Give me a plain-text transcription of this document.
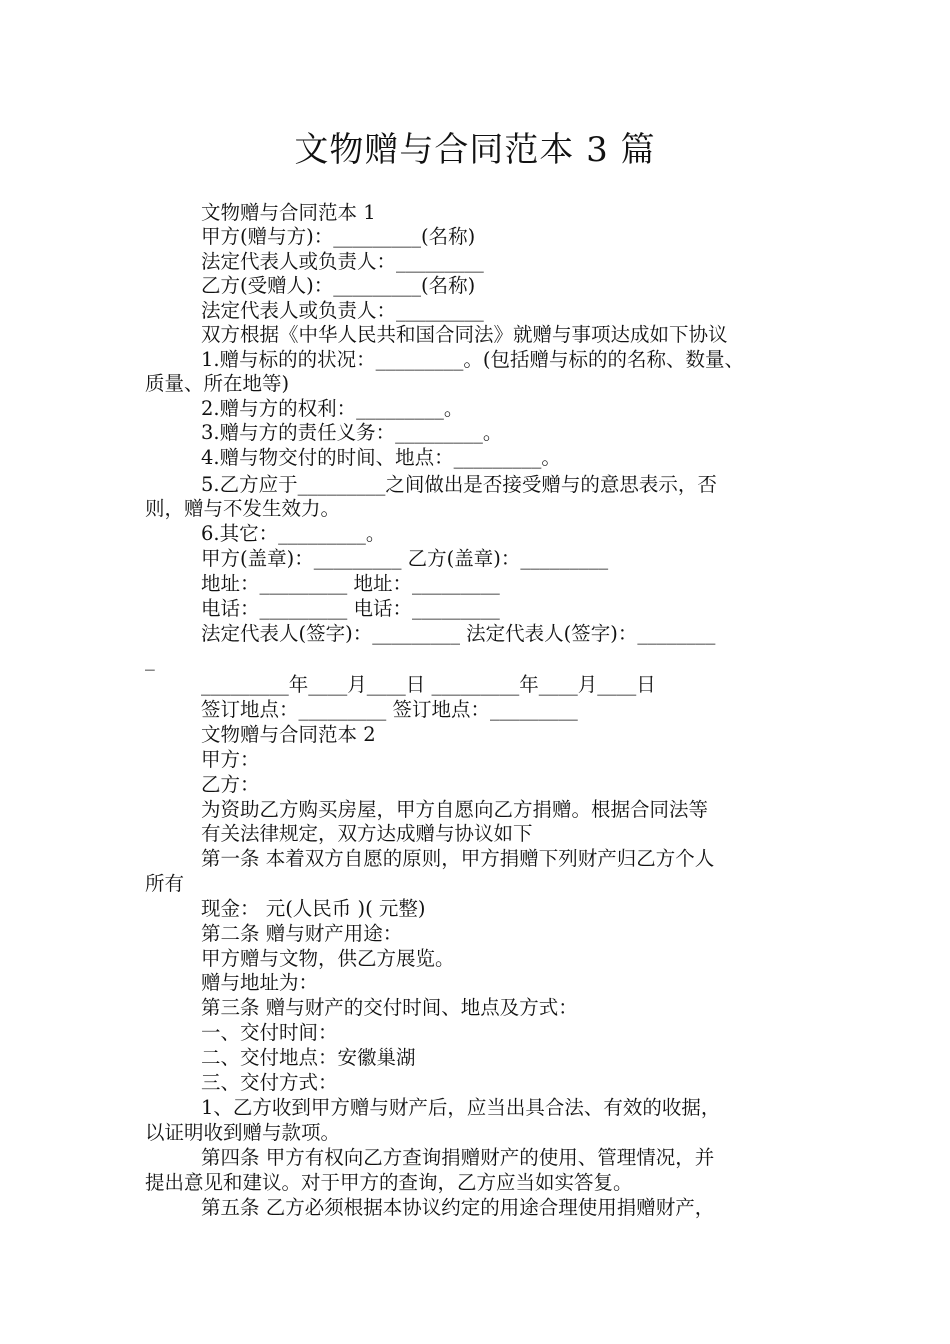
文物赠与合同范本 3 篇
文物赠与合同范本 1
甲方(赠与方)：_________(名称)
法定代表人或负责人：_________
乙方(受赠人)：_________(名称)
法定代表人或负责人：_________
双方根据《中华人民共和国合同法》就赠与事项达成如下协议
1.赠与标的的状况：_________。(包括赠与标的的名称、数量、
质量、所在地等)
2.赠与方的权利：_________。
3.赠与方的责任义务：_________。
4.赠与物交付的时间、地点：_________。
5.乙方应于_________之间做出是否接受赠与的意思表示，否
则，赠与不发生效力。
6.其它：_________。
甲方(盖章)：_________ 乙方(盖章)：_________
地址：_________ 地址：_________
电话：_________ 电话：_________
法定代表人(签字)：_________ 法定代表人(签字)：________
_
_________年____月____日 _________年____月____日
签订地点：_________ 签订地点：_________
文物赠与合同范本 2
甲方：
乙方：
为资助乙方购买房屋，甲方自愿向乙方捐赠。根据合同法等
有关法律规定，双方达成赠与协议如下
第一条 本着双方自愿的原则，甲方捐赠下列财产归乙方个人
所有
现金： 元(人民币 )( 元整)
第二条 赠与财产用途：
甲方赠与文物，供乙方展览。
赠与地址为：
第三条 赠与财产的交付时间、地点及方式：
一、交付时间：
二、交付地点：安徽巢湖
三、交付方式：
1、乙方收到甲方赠与财产后，应当出具合法、有效的收据，
以证明收到赠与款项。
第四条 甲方有权向乙方查询捐赠财产的使用、管理情况，并
提出意见和建议。对于甲方的查询，乙方应当如实答复。
第五条 乙方必须根据本协议约定的用途合理使用捐赠财产，
